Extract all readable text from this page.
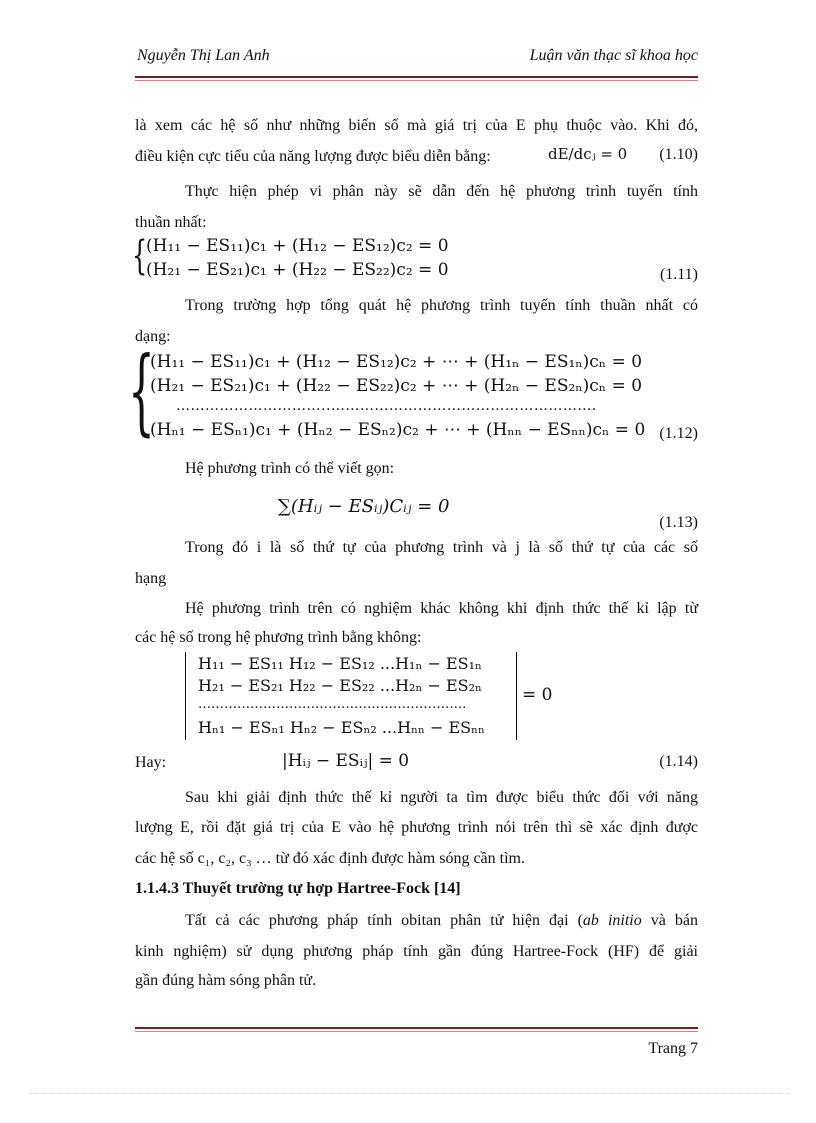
Nguyễn Thị Lan Anh	Luận văn thạc sĩ khoa học
là xem các hệ số như những biến số mà giá trị của E phụ thuộc vào. Khi đó,
điều kiện cực tiểu của năng lượng được biểu diễn bằng:	dE/dcⱼ = 0 (1.10)
Thực hiện phép vi phân này sẽ dẫn đến hệ phương trình tuyến tính
thuần nhất:
{
(H₁₁ − ES₁₁)c₁ + (H₁₂ − ES₁₂)c₂ = 0
(H₂₁ − ES₂₁)c₁ + (H₂₂ − ES₂₂)c₂ = 0	(1.11)
Trong trường hợp tổng quát hệ phương trình tuyến tính thuần nhất có
dạng:
{
(H₁₁ − ES₁₁)c₁ + (H₁₂ − ES₁₂)c₂ + ⋯ + (H₁ₙ − ES₁ₙ)cₙ = 0
(H₂₁ − ES₂₁)c₁ + (H₂₂ − ES₂₂)c₂ + ⋯ + (H₂ₙ − ES₂ₙ)cₙ = 0
…………………………..……………………………………………….
(Hₙ₁ − ESₙ₁)c₁ + (Hₙ₂ − ESₙ₂)c₂ + ⋯ + (Hₙₙ − ESₙₙ)cₙ = 0 (1.12)
Hệ phương trình có thể viết gọn:
∑(Hᵢⱼ − ESᵢⱼ)Cᵢⱼ = 0
(1.13)
Trong đó i là số thứ tự của phương trình và j là số thứ tự của các số
hạng
Hệ phương trình trên có nghiệm khác không khi định thức thế kỉ lập từ
các hệ số trong hệ phương trình bằng không:
H₁₁ − ES₁₁ H₁₂ − ES₁₂ ...H₁ₙ − ES₁ₙ
H₂₁ − ES₂₁ H₂₂ − ES₂₂ ...H₂ₙ − ES₂ₙ
……………………………………………………..
Hₙ₁ − ESₙ₁ Hₙ₂ − ESₙ₂ ...Hₙₙ − ESₙₙ
= 0
Hay:	|Hᵢⱼ − ESᵢⱼ| = 0	(1.14)
Sau khi giải định thức thế kỉ người ta tìm được biểu thức đối với năng
lượng E, rồi đặt giá trị của E vào hệ phương trình nói trên thì sẽ xác định được
các hệ số c₁, c₂, c₃ … từ đó xác định được hàm sóng cần tìm.
1.1.4.3 Thuyết trường tự hợp Hartree-Fock [14]
Tất cả các phương pháp tính obitan phân tử hiện đại (ab initio và bán
kinh nghiệm) sử dụng phương pháp tính gần đúng Hartree-Fock (HF) để giải
gần đúng hàm sóng phân tử.
Trang 7
